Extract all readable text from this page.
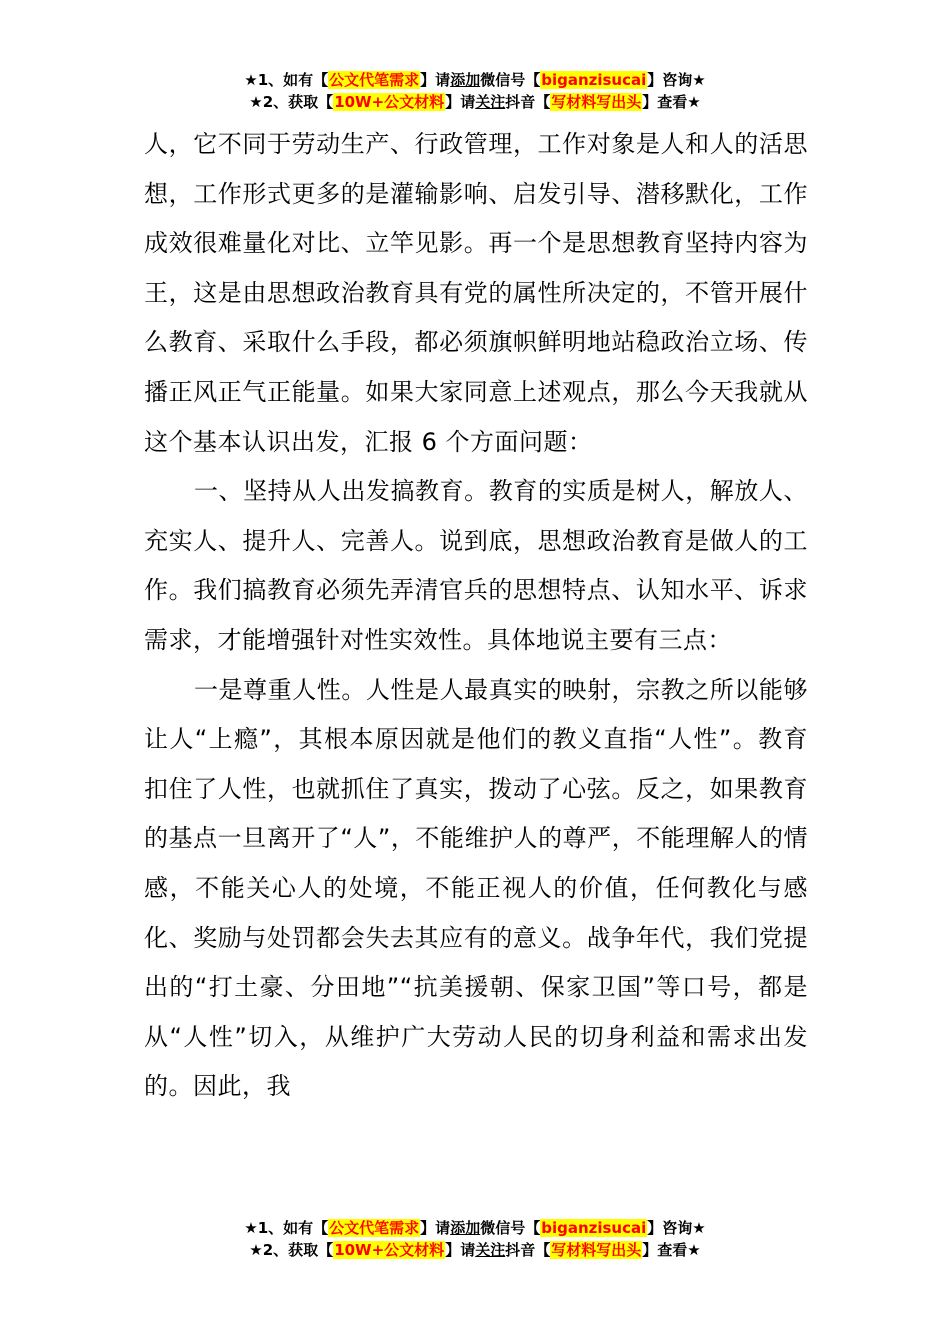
★1、如有【公文代笔需求】请添加微信号【biganzisucai】咨询★
★2、获取【10W+公文材料】请关注抖音【写材料写出头】查看★

人，它不同于劳动生产、行政管理，工作对象是人和人的活思想，工作形式更多的是灌输影响、启发引导、潜移默化，工作成效很难量化对比、立竿见影。再一个是思想教育坚持内容为王，这是由思想政治教育具有党的属性所决定的，不管开展什么教育、采取什么手段，都必须旗帜鲜明地站稳政治立场、传播正风正气正能量。如果大家同意上述观点，那么今天我就从这个基本认识出发，汇报 6 个方面问题：

一、坚持从人出发搞教育。教育的实质是树人，解放人、充实人、提升人、完善人。说到底，思想政治教育是做人的工作。我们搞教育必须先弄清官兵的思想特点、认知水平、诉求需求，才能增强针对性实效性。具体地说主要有三点：

一是尊重人性。人性是人最真实的映射，宗教之所以能够让人“上瘾”，其根本原因就是他们的教义直指“人性”。教育扣住了人性，也就抓住了真实，拨动了心弦。反之，如果教育的基点一旦离开了“人”，不能维护人的尊严，不能理解人的情感，不能关心人的处境，不能正视人的价值，任何教化与感化、奖励与处罚都会失去其应有的意义。战争年代，我们党提出的“打土豪、分田地”“抗美援朝、保家卫国”等口号，都是从“人性”切入，从维护广大劳动人民的切身利益和需求出发的。因此，我

★1、如有【公文代笔需求】请添加微信号【biganzisucai】咨询★
★2、获取【10W+公文材料】请关注抖音【写材料写出头】查看★
